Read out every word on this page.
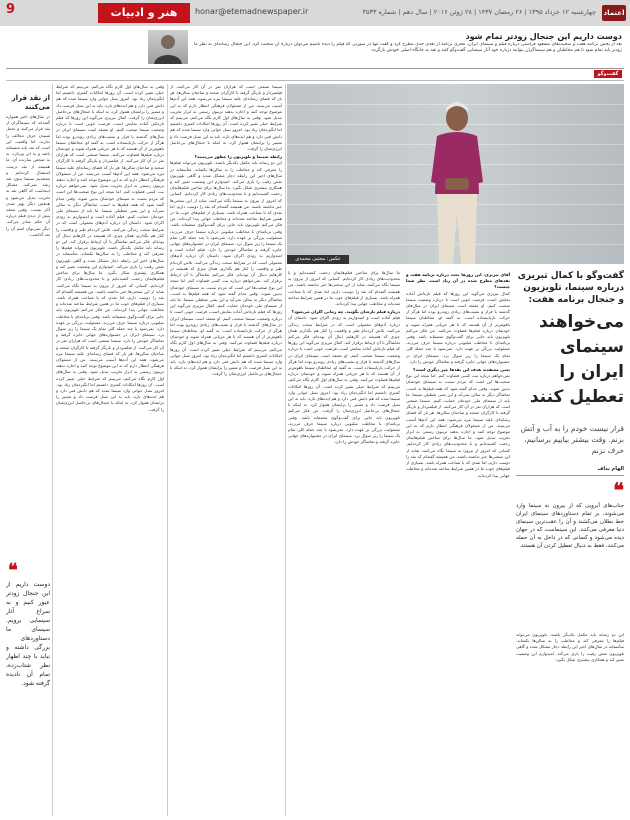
9	هنر و ادبیات	honar@etemadnewspaper.ir	چهارشنبه ۱۲ خرداد ۱۳۹۵ | ۲۶ رمضان ۱۴۳۷ | ۲۸ ژوئن ۲۰۱۶ | سال دهم | شماره ۳۵۳۳ اعتماد
دوست داریم این جنجال زودتر تمام شود
بعد از پخش برنامه هفت و صحبت‌های مسعود فراستی درباره فیلم و سینمای ایران، مجری برنامه از نقدی جدی مطرح کرد و گفت تنها در صورتی که فیلم را دیده باشیم می‌توان درباره آن صحبت کرد. این جنجال رسانه‌ای به نظر ما زودتر باید تمام شود تا هم مخاطبان و هم سینماگران بتوانند درباره خود آثار سینمایی گفت‌وگو کنند و نقد به جایگاه اصلی خودش بازگردد.
گفت‌وگو
عکس: مجتبی محمدی
گفت‌وگو با کمال تبریزی درباره سینما، تلویزیون و جنجال برنامه هفت:
می‌خواهند سینمای ایران را تعطیل کنند
قرار نیست خودم را به آب و آتش بزنم. وقت بیشتر بیاییم برسانیم، حرف نزنم
الهام نداف
❝
جناب‌های آبرویی که از بیرون به سینما وارد می‌شوند، بر تمام دستاوردهای سینمای ایران خط بطلان می‌کشند و آن را عقب‌ترین سینمای دنیا معرفی می‌کنند. این سینماست که در جهان دیده می‌شود و کسانی که در داخل به آن حمله می‌کنند، فقط به دنبال تعطیل کردن آن هستند.
این دو رسانه باید مکمل یکدیگر باشند. تلویزیون می‌تواند فیلم‌ها را معرفی کند و مخاطب را به سالن‌ها بکشاند. متأسفانه در سال‌های اخیر این رابطه دچار مشکل شده و گاهی تلویزیون نقش رقیب را بازی می‌کند. امیدوارم این وضعیت تغییر کند و همکاری بیشتری شکل بگیرد.
آقای تبریزی، این روزها بحث درباره برنامه هفت و نقدهای مطرح شده در آن زیاد است. نظر شما چیست؟
کمال تبریزی می‌گوید این روزها که فیلم تازه‌اش آماده نمایش است، فرصت خوبی است تا درباره وضعیت سینما صحبت کنیم. او معتقد است سینمای ایران در سال‌های گذشته با فراز و نشیب‌های زیادی روبه‌رو بوده اما هرگز از حرکت بازنایستاده است. به گفته او، مخاطبان سینما باهوش‌تر از آن هستند که با هر جریانی همراه شوند و خودشان درباره فیلم‌ها قضاوت می‌کنند. من فکر می‌کنم تلویزیون باید جایی برای گفت‌وگوی منصفانه باشد. وقتی برنامه‌ای با مخاطب میلیونی درباره سینما حرف می‌زند، مسئولیت بزرگی بر عهده دارد. نمی‌شود با چند جمله کلی تمام یک سینما را زیر سوال برد. سینمای ایران در جشنواره‌های جهانی جایزه گرفته و تماشاگر خودش را دارد.
یعنی معتقدید هدف این نقدها چیز دیگری است؟
نمی‌خواهم درباره نیت کسی قضاوت کنم. اما نتیجه این نوع صحبت‌ها این است که مردم نسبت به سینمای خودشان بدبین شوند. وقتی مدام گفته شود که همه فیلم‌ها بد است، تماشاگر دیگر به سالن نمی‌آید و این یعنی تعطیلی سینما. ما باید از سینمای ملی خودمان حمایت کنیم. سینما صنعتی است که هزاران نفر در آن کار می‌کنند. از فیلمبردار و بازیگر گرفته تا کارگران صحنه و صاحبان سالن‌ها. هر بار که فضای رسانه‌ای علیه سینما تیره می‌شود، همه این آدم‌ها آسیب می‌بینند. من از مسئولان فرهنگی انتظار دارم که به این موضوع توجه کنند و اجازه ندهند تریبون رسمی به ابزار تخریب تبدیل شود. ما سال‌ها برای ساختن فیلم‌هایمان زحمت کشیده‌ایم و با محدودیت‌های زیادی کار کرده‌ایم. کسانی که امروز از بیرون به سینما نگاه می‌کنند، شاید از این سختی‌ها خبر نداشته باشند. من همیشه گفته‌ام که نقد را دوست دارم، اما نقدی که با شناخت همراه باشد. بسیاری از فیلم‌های خوب ما در همین شرایط ساخته شده‌اند و مخاطب جهانی پیدا کرده‌اند.
ما سال‌ها برای ساختن فیلم‌هایمان زحمت کشیده‌ایم و با محدودیت‌های زیادی کار کرده‌ایم. کسانی که امروز از بیرون به سینما نگاه می‌کنند، شاید از این سختی‌ها خبر نداشته باشند. من همیشه گفته‌ام که نقد را دوست دارم، اما نقدی که با شناخت همراه باشد. بسیاری از فیلم‌های خوب ما در همین شرایط ساخته شده‌اند و مخاطب جهانی پیدا کرده‌اند.
درباره فیلم تازه‌تان بگویید. چه زمانی اکران می‌شود؟
فیلم آماده است و امیدواریم به زودی اکران شود. داستان آن درباره آدم‌های معمولی است که در شرایط سخت زندگی می‌کنند. تلاش کرده‌ام طنز و واقعیت را کنار هم بگذارم، همان چیزی که همیشه در کارهایم دنبال آن بوده‌ام. فکر می‌کنم تماشاگر با آن ارتباط برقرار کند. کمال تبریزی می‌گوید این روزها که فیلم تازه‌اش آماده نمایش است، فرصت خوبی است تا درباره وضعیت سینما صحبت کنیم. او معتقد است سینمای ایران در سال‌های گذشته با فراز و نشیب‌های زیادی روبه‌رو بوده اما هرگز از حرکت بازنایستاده است. به گفته او، مخاطبان سینما باهوش‌تر از آن هستند که با هر جریانی همراه شوند و خودشان درباره فیلم‌ها قضاوت می‌کنند. وقتی به سال‌های اول کارم نگاه می‌کنم، می‌بینم که شرایط خیلی تغییر کرده است. آن روزها امکانات کمتری داشتیم اما انگیزه‌مان زیاد بود. امروز نسل جوانی وارد سینما شده که هم دانش فنی دارد و هم ایده‌های تازه. باید به این نسل فرصت داد و مسیر را برایشان هموار کرد، نه اینکه با جنجال‌های بی‌حاصل انرژی‌شان را گرفت. من فکر می‌کنم تلویزیون باید جایی برای گفت‌وگوی منصفانه باشد. وقتی برنامه‌ای با مخاطب میلیونی درباره سینما حرف می‌زند، مسئولیت بزرگی بر عهده دارد. نمی‌شود با چند جمله کلی تمام یک سینما را زیر سوال برد. سینمای ایران در جشنواره‌های جهانی جایزه گرفته و تماشاگر خودش را دارد.
سینما صنعتی است که هزاران نفر در آن کار می‌کنند. از فیلمبردار و بازیگر گرفته تا کارگران صحنه و صاحبان سالن‌ها. هر بار که فضای رسانه‌ای علیه سینما تیره می‌شود، همه این آدم‌ها آسیب می‌بینند. من از مسئولان فرهنگی انتظار دارم که به این موضوع توجه کنند و اجازه ندهند تریبون رسمی به ابزار تخریب تبدیل شود. وقتی به سال‌های اول کارم نگاه می‌کنم، می‌بینم که شرایط خیلی تغییر کرده است. آن روزها امکانات کمتری داشتیم اما انگیزه‌مان زیاد بود. امروز نسل جوانی وارد سینما شده که هم دانش فنی دارد و هم ایده‌های تازه. باید به این نسل فرصت داد و مسیر را برایشان هموار کرد، نه اینکه با جنجال‌های بی‌حاصل انرژی‌شان را گرفت.
رابطه سینما و تلویزیون را چطور می‌بینید؟
این دو رسانه باید مکمل یکدیگر باشند. تلویزیون می‌تواند فیلم‌ها را معرفی کند و مخاطب را به سالن‌ها بکشاند. متأسفانه در سال‌های اخیر این رابطه دچار مشکل شده و گاهی تلویزیون نقش رقیب را بازی می‌کند. امیدوارم این وضعیت تغییر کند و همکاری بیشتری شکل بگیرد. ما سال‌ها برای ساختن فیلم‌هایمان زحمت کشیده‌ایم و با محدودیت‌های زیادی کار کرده‌ایم. کسانی که امروز از بیرون به سینما نگاه می‌کنند، شاید از این سختی‌ها خبر نداشته باشند. من همیشه گفته‌ام که نقد را دوست دارم، اما نقدی که با شناخت همراه باشد. بسیاری از فیلم‌های خوب ما در همین شرایط ساخته شده‌اند و مخاطب جهانی پیدا کرده‌اند. من فکر می‌کنم تلویزیون باید جایی برای گفت‌وگوی منصفانه باشد. وقتی برنامه‌ای با مخاطب میلیونی درباره سینما حرف می‌زند، مسئولیت بزرگی بر عهده دارد. نمی‌شود با چند جمله کلی تمام یک سینما را زیر سوال برد. سینمای ایران در جشنواره‌های جهانی جایزه گرفته و تماشاگر خودش را دارد. فیلم آماده است و امیدواریم به زودی اکران شود. داستان آن درباره آدم‌های معمولی است که در شرایط سخت زندگی می‌کنند. تلاش کرده‌ام طنز و واقعیت را کنار هم بگذارم، همان چیزی که همیشه در کارهایم دنبال آن بوده‌ام. فکر می‌کنم تماشاگر با آن ارتباط برقرار کند. نمی‌خواهم درباره نیت کسی قضاوت کنم. اما نتیجه این نوع صحبت‌ها این است که مردم نسبت به سینمای خودشان بدبین شوند. وقتی مدام گفته شود که همه فیلم‌ها بد است، تماشاگر دیگر به سالن نمی‌آید و این یعنی تعطیلی سینما. ما باید از سینمای ملی خودمان حمایت کنیم. کمال تبریزی می‌گوید این روزها که فیلم تازه‌اش آماده نمایش است، فرصت خوبی است تا درباره وضعیت سینما صحبت کنیم. او معتقد است سینمای ایران در سال‌های گذشته با فراز و نشیب‌های زیادی روبه‌رو بوده اما هرگز از حرکت بازنایستاده است. به گفته او، مخاطبان سینما باهوش‌تر از آن هستند که با هر جریانی همراه شوند و خودشان درباره فیلم‌ها قضاوت می‌کنند. وقتی به سال‌های اول کارم نگاه می‌کنم، می‌بینم که شرایط خیلی تغییر کرده است. آن روزها امکانات کمتری داشتیم اما انگیزه‌مان زیاد بود. امروز نسل جوانی وارد سینما شده که هم دانش فنی دارد و هم ایده‌های تازه. باید به این نسل فرصت داد و مسیر را برایشان هموار کرد، نه اینکه با جنجال‌های بی‌حاصل انرژی‌شان را گرفت.
وقتی به سال‌های اول کارم نگاه می‌کنم، می‌بینم که شرایط خیلی تغییر کرده است. آن روزها امکانات کمتری داشتیم اما انگیزه‌مان زیاد بود. امروز نسل جوانی وارد سینما شده که هم دانش فنی دارد و هم ایده‌های تازه. باید به این نسل فرصت داد و مسیر را برایشان هموار کرد، نه اینکه با جنجال‌های بی‌حاصل انرژی‌شان را گرفت. کمال تبریزی می‌گوید این روزها که فیلم تازه‌اش آماده نمایش است، فرصت خوبی است تا درباره وضعیت سینما صحبت کنیم. او معتقد است سینمای ایران در سال‌های گذشته با فراز و نشیب‌های زیادی روبه‌رو بوده اما هرگز از حرکت بازنایستاده است. به گفته او، مخاطبان سینما باهوش‌تر از آن هستند که با هر جریانی همراه شوند و خودشان درباره فیلم‌ها قضاوت می‌کنند. سینما صنعتی است که هزاران نفر در آن کار می‌کنند. از فیلمبردار و بازیگر گرفته تا کارگران صحنه و صاحبان سالن‌ها. هر بار که فضای رسانه‌ای علیه سینما تیره می‌شود، همه این آدم‌ها آسیب می‌بینند. من از مسئولان فرهنگی انتظار دارم که به این موضوع توجه کنند و اجازه ندهند تریبون رسمی به ابزار تخریب تبدیل شود. نمی‌خواهم درباره نیت کسی قضاوت کنم. اما نتیجه این نوع صحبت‌ها این است که مردم نسبت به سینمای خودشان بدبین شوند. وقتی مدام گفته شود که همه فیلم‌ها بد است، تماشاگر دیگر به سالن نمی‌آید و این یعنی تعطیلی سینما. ما باید از سینمای ملی خودمان حمایت کنیم. فیلم آماده است و امیدواریم به زودی اکران شود. داستان آن درباره آدم‌های معمولی است که در شرایط سخت زندگی می‌کنند. تلاش کرده‌ام طنز و واقعیت را کنار هم بگذارم، همان چیزی که همیشه در کارهایم دنبال آن بوده‌ام. فکر می‌کنم تماشاگر با آن ارتباط برقرار کند. این دو رسانه باید مکمل یکدیگر باشند. تلویزیون می‌تواند فیلم‌ها را معرفی کند و مخاطب را به سالن‌ها بکشاند. متأسفانه در سال‌های اخیر این رابطه دچار مشکل شده و گاهی تلویزیون نقش رقیب را بازی می‌کند. امیدوارم این وضعیت تغییر کند و همکاری بیشتری شکل بگیرد. ما سال‌ها برای ساختن فیلم‌هایمان زحمت کشیده‌ایم و با محدودیت‌های زیادی کار کرده‌ایم. کسانی که امروز از بیرون به سینما نگاه می‌کنند، شاید از این سختی‌ها خبر نداشته باشند. من همیشه گفته‌ام که نقد را دوست دارم، اما نقدی که با شناخت همراه باشد. بسیاری از فیلم‌های خوب ما در همین شرایط ساخته شده‌اند و مخاطب جهانی پیدا کرده‌اند. من فکر می‌کنم تلویزیون باید جایی برای گفت‌وگوی منصفانه باشد. وقتی برنامه‌ای با مخاطب میلیونی درباره سینما حرف می‌زند، مسئولیت بزرگی بر عهده دارد. نمی‌شود با چند جمله کلی تمام یک سینما را زیر سوال برد. سینمای ایران در جشنواره‌های جهانی جایزه گرفته و تماشاگر خودش را دارد. سینما صنعتی است که هزاران نفر در آن کار می‌کنند. از فیلمبردار و بازیگر گرفته تا کارگران صحنه و صاحبان سالن‌ها. هر بار که فضای رسانه‌ای علیه سینما تیره می‌شود، همه این آدم‌ها آسیب می‌بینند. من از مسئولان فرهنگی انتظار دارم که به این موضوع توجه کنند و اجازه ندهند تریبون رسمی به ابزار تخریب تبدیل شود. وقتی به سال‌های اول کارم نگاه می‌کنم، می‌بینم که شرایط خیلی تغییر کرده است. آن روزها امکانات کمتری داشتیم اما انگیزه‌مان زیاد بود. امروز نسل جوانی وارد سینما شده که هم دانش فنی دارد و هم ایده‌های تازه. باید به این نسل فرصت داد و مسیر را برایشان هموار کرد، نه اینکه با جنجال‌های بی‌حاصل انرژی‌شان را گرفت.
از نقد فرار می‌کنند
در سال‌های اخیر همواره گفته‌اند که سینماگران از نقد فرار می‌کنند و تحمل شنیدن حرف مخالف را ندارند. اما واقعیت این است که نقد باید منصفانه باشد و به اثر بپردازد، نه به شخص سازنده آن. ما همیشه از نقد درست استقبال کرده‌ایم و معتقدیم سینما بدون نقد رشد نمی‌کند. مشکل اینجاست که گاهی نقد به تخریب تبدیل می‌شود و هدفش دیگر بهتر شدن آثار نیست. وقتی منتقد پیش از دیدن فیلم درباره آن حکم صادر می‌کند، دیگر نمی‌توان اسم آن را نقد گذاشت.
❝
دوست داریم از این جنجال زودتر عبور کنیم و به سراغ آثار سینمایی برویم. سینمای ما دستاوردهای بزرگی داشته و نباید با چند اظهار نظر شتاب‌زده، تمام آن نادیده گرفته شود.
